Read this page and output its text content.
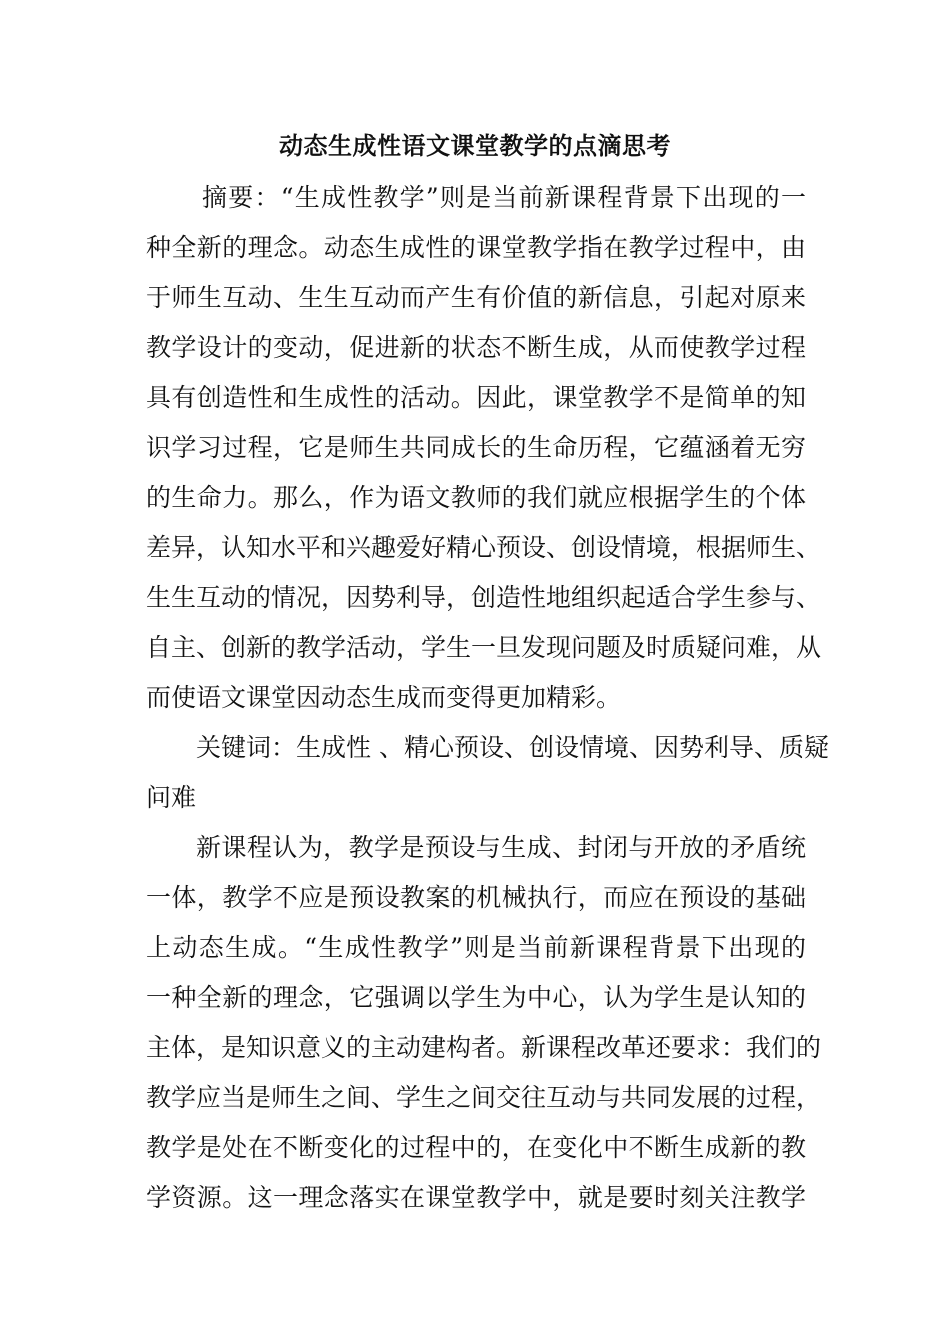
动态生成性语文课堂教学的点滴思考
摘要：“生成性教学”则是当前新课程背景下出现的一
种全新的理念。动态生成性的课堂教学指在教学过程中，由
于师生互动、生生互动而产生有价值的新信息，引起对原来
教学设计的变动，促进新的状态不断生成，从而使教学过程
具有创造性和生成性的活动。因此，课堂教学不是简单的知
识学习过程，它是师生共同成长的生命历程，它蕴涵着无穷
的生命力。那么，作为语文教师的我们就应根据学生的个体
差异，认知水平和兴趣爱好精心预设、创设情境，根据师生、
生生互动的情况，因势利导，创造性地组织起适合学生参与、
自主、创新的教学活动，学生一旦发现问题及时质疑问难，从
而使语文课堂因动态生成而变得更加精彩。
关键词：生成性 、精心预设、创设情境、因势利导、质疑
问难
新课程认为，教学是预设与生成、封闭与开放的矛盾统
一体，教学不应是预设教案的机械执行，而应在预设的基础
上动态生成。“生成性教学”则是当前新课程背景下出现的
一种全新的理念，它强调以学生为中心，认为学生是认知的
主体，是知识意义的主动建构者。新课程改革还要求：我们的
教学应当是师生之间、学生之间交往互动与共同发展的过程，
教学是处在不断变化的过程中的，在变化中不断生成新的教
学资源。这一理念落实在课堂教学中，就是要时刻关注教学
